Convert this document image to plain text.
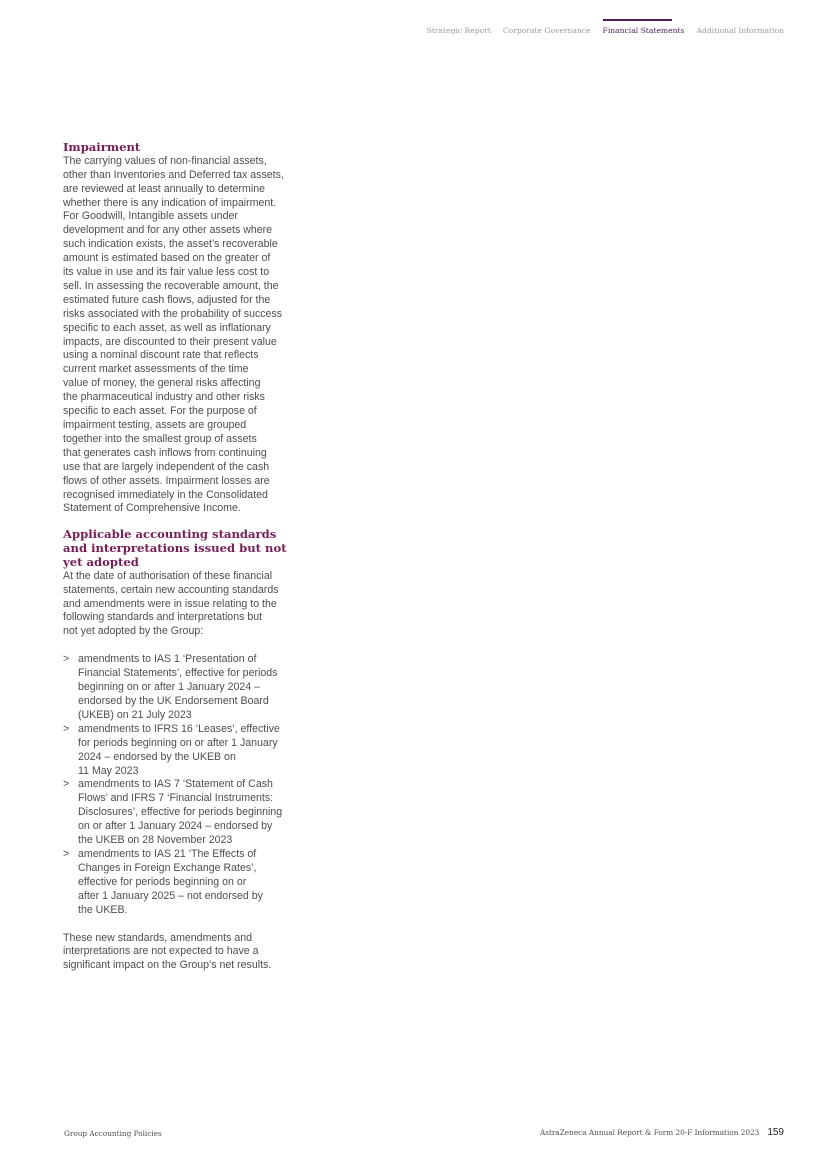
Strategic Report Corporate Governance Financial Statements Additional Information
Impairment
The carrying values of non-financial assets,
other than Inventories and Deferred tax assets,
are reviewed at least annually to determine
whether there is any indication of impairment.
For Goodwill, Intangible assets under
development and for any other assets where
such indication exists, the asset’s recoverable
amount is estimated based on the greater of
its value in use and its fair value less cost to
sell. In assessing the recoverable amount, the
estimated future cash flows, adjusted for the
risks associated with the probability of success
specific to each asset, as well as inflationary
impacts, are discounted to their present value
using a nominal discount rate that reflects
current market assessments of the time
value of money, the general risks affecting
the pharmaceutical industry and other risks
specific to each asset. For the purpose of
impairment testing, assets are grouped
together into the smallest group of assets
that generates cash inflows from continuing
use that are largely independent of the cash
flows of other assets. Impairment losses are
recognised immediately in the Consolidated
Statement of Comprehensive Income.
Applicable accounting standards
and interpretations issued but not
yet adopted
At the date of authorisation of these financial
statements, certain new accounting standards
and amendments were in issue relating to the
following standards and interpretations but
not yet adopted by the Group:
> amendments to IAS 1 ‘Presentation of
Financial Statements’, effective for periods
beginning on or after 1 January 2024 –
endorsed by the UK Endorsement Board
(UKEB) on 21 July 2023
> amendments to IFRS 16 ‘Leases’, effective
for periods beginning on or after 1 January
2024 – endorsed by the UKEB on
11 May 2023
> amendments to IAS 7 ‘Statement of Cash
Flows’ and IFRS 7 ‘Financial Instruments:
Disclosures’, effective for periods beginning
on or after 1 January 2024 – endorsed by
the UKEB on 28 November 2023
> amendments to IAS 21 ‘The Effects of
Changes in Foreign Exchange Rates’,
effective for periods beginning on or
after 1 January 2025 – not endorsed by
the UKEB.
These new standards, amendments and
interpretations are not expected to have a
significant impact on the Group’s net results.
Group Accounting Policies	AstraZeneca Annual Report & Form 20-F Information 2023 159
